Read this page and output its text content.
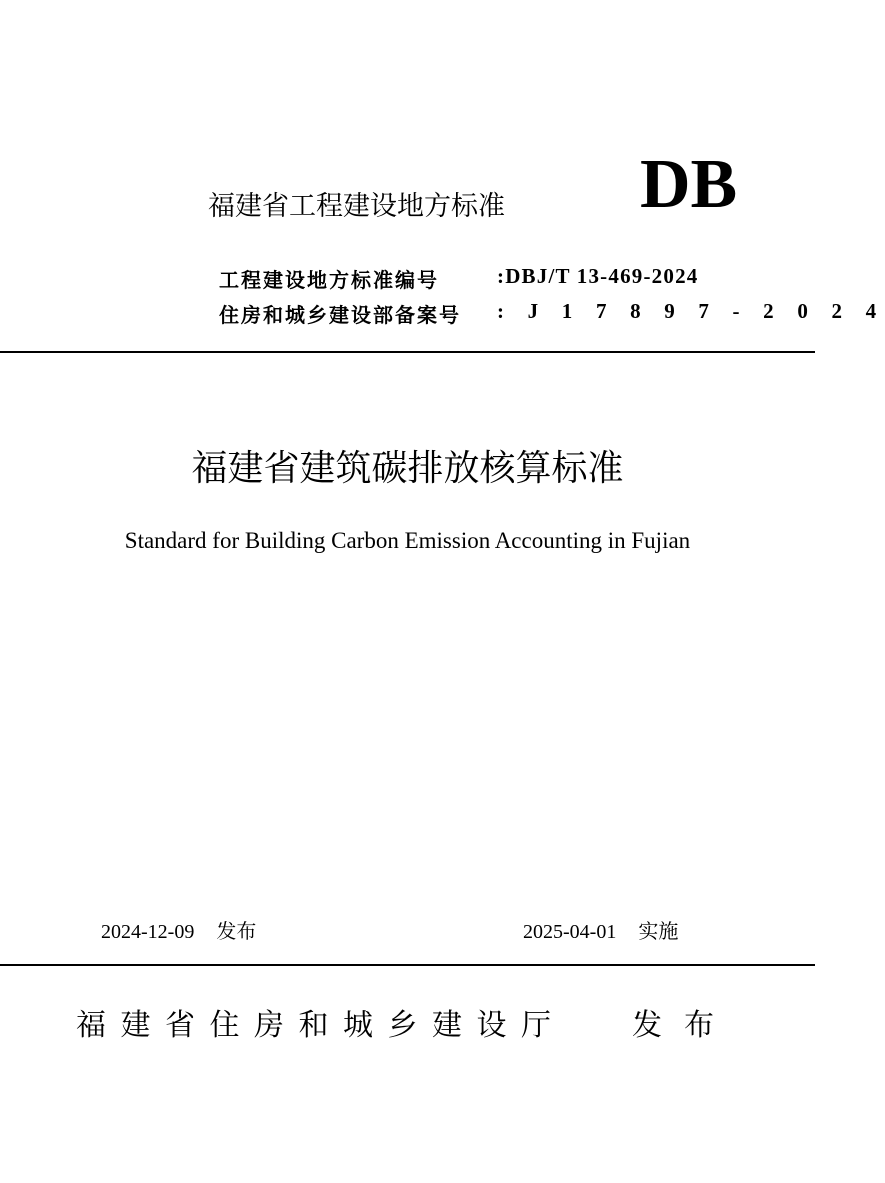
福建省工程建设地方标准 DB
工程建设地方标准编号	:DBJ/T 13-469-2024
住房和城乡建设部备案号 : J 1 7 8 9 7 - 2 0 2 4
福建省建筑碳排放核算标准
Standard for Building Carbon Emission Accounting in Fujian
2024-12-09 发布	2025-04-01 实施
福建省住房和城乡建设厅 发布
